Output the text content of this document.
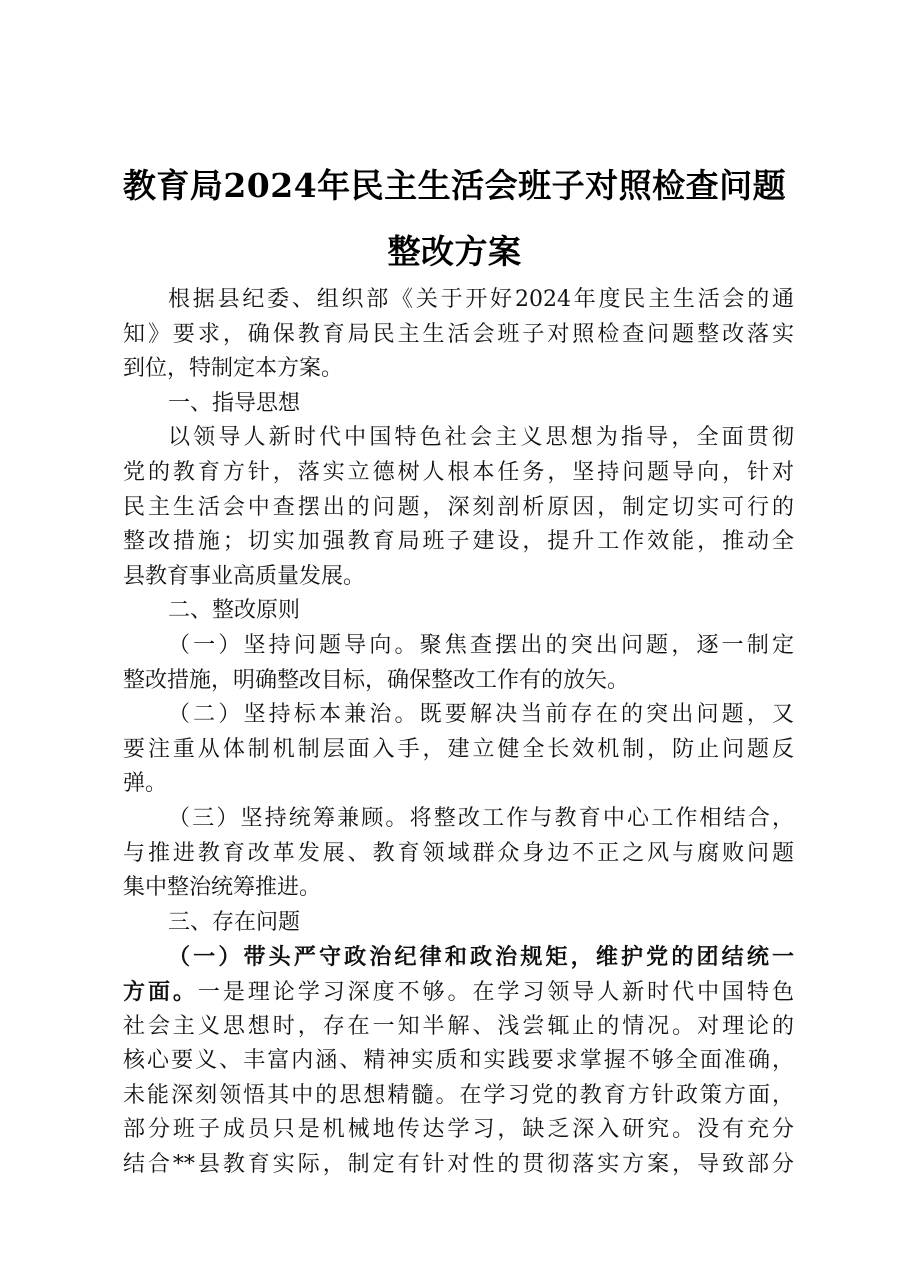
教育局2024年民主生活会班子对照检查问题
整改方案
根据县纪委、组织部《关于开好2024年度民主生活会的通
知》要求，确保教育局民主生活会班子对照检查问题整改落实
到位，特制定本方案。
一、指导思想
以领导人新时代中国特色社会主义思想为指导，全面贯彻
党的教育方针，落实立德树人根本任务，坚持问题导向，针对
民主生活会中查摆出的问题，深刻剖析原因，制定切实可行的
整改措施；切实加强教育局班子建设，提升工作效能，推动全
县教育事业高质量发展。
二、整改原则
（一）坚持问题导向。聚焦查摆出的突出问题，逐一制定
整改措施，明确整改目标，确保整改工作有的放矢。
（二）坚持标本兼治。既要解决当前存在的突出问题，又
要注重从体制机制层面入手，建立健全长效机制，防止问题反
弹。
（三）坚持统筹兼顾。将整改工作与教育中心工作相结合，
与推进教育改革发展、教育领域群众身边不正之风与腐败问题
集中整治统筹推进。
三、存在问题
（一）带头严守政治纪律和政治规矩，维护党的团结统一
方面。一是理论学习深度不够。在学习领导人新时代中国特色
社会主义思想时，存在一知半解、浅尝辄止的情况。对理论的
核心要义、丰富内涵、精神实质和实践要求掌握不够全面准确，
未能深刻领悟其中的思想精髓。在学习党的教育方针政策方面，
部分班子成员只是机械地传达学习，缺乏深入研究。没有充分
结合**县教育实际，制定有针对性的贯彻落实方案，导致部分
